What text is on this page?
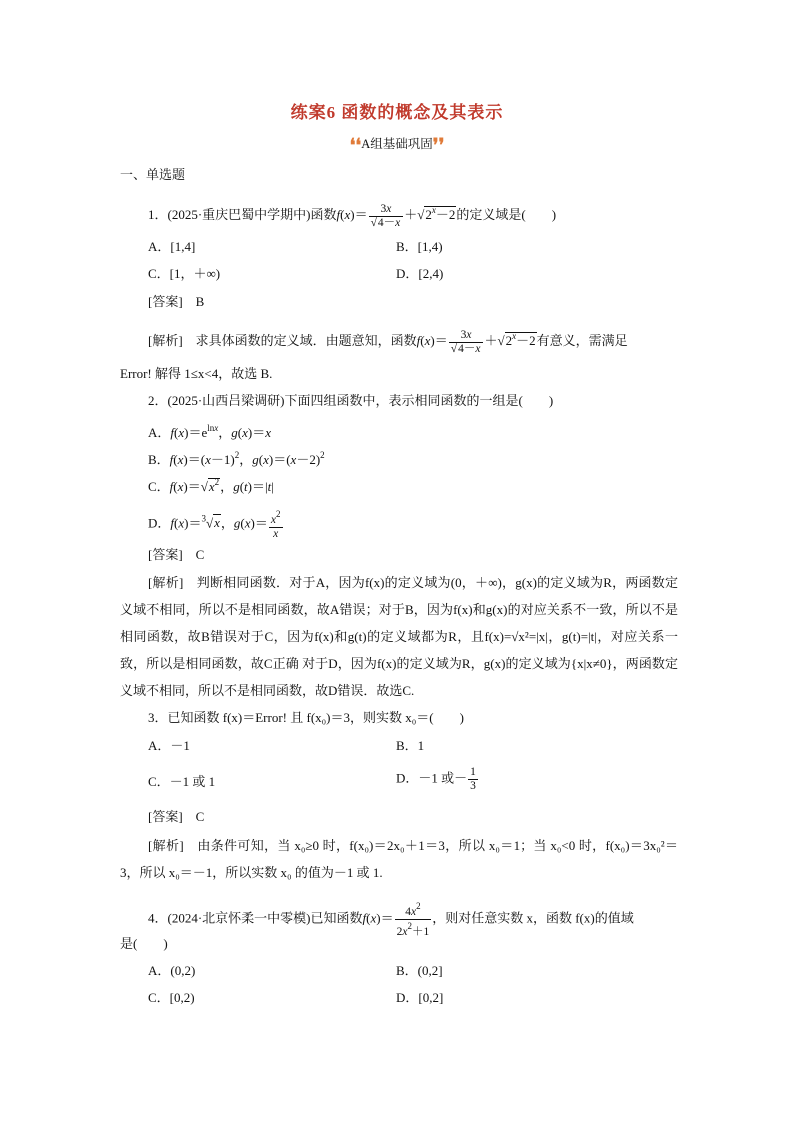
练案6 函数的概念及其表示
❛❛A组基础巩固❜❜
一、单选题
1．(2025·重庆巴蜀中学期中)函数$f(x)= \frac{3x}{√4-x} +√2^x-2$的定义域是(　　)
A．[1,4]	B．[1,4)
C．[1，＋∞)	D．[2,4)
[答案]　B
[解析]　求具体函数的定义域．由题意知，函数$f(x)= \frac{3x}{√4-x} +√2^x-2$有意义，需满足
Error! 解得 1≤x<4，故选 B.
2．(2025·山西吕梁调研)下面四组函数中，表示相同函数的一组是(　　)
A．$f(x)=e^{lnx}$，g(x)＝x
B．$f(x)=(x-1)^2$，$g(x)=(x-2)^2$
C．$f(x)=√x^2$，g(t)＝|t|
D．f(x)＝$^3$√x，$g(x)= \frac{x^2}{x}$
[答案]　C
[解析]　判断相同函数．对于A，因为f(x)的定义域为(0，＋∞)，g(x)的定义域为R，两函数定义域不相同，所以不是相同函数，故A错误；对于B，因为f(x)和g(x)的对应关系不一致，所以不是相同函数，故B错误对于C，因为f(x)和g(t)的定义域都为R，且f(x)=√x²=|x|，g(t)=|t|，对应关系一致，所以是相同函数，故C正确 对于D，因为f(x)的定义域为R，g(x)的定义域为{x|x≠0}，两函数定义域不相同，所以不是相同函数，故D错误．故选C.
3．已知函数 f(x)＝Error! 且 f(x₀)＝3，则实数 x₀＝(　　)
A．－1	B．1
C．－1 或 1	D．－1 或－ $\frac{1}{3}$
[答案]　C
[解析]　由条件可知，当 x₀≥0 时，f(x₀)＝2x₀＋1＝3，所以 x₀＝1；当 x₀<0 时，f(x₀)＝3x₀²＝3，所以 x₀＝－1，所以实数 x₀ 的值为－1 或 1.
4．(2024·北京怀柔一中零模)已知函数$f(x)= \frac{4x^2}{2x^2+1}$ ，则对任意实数 x，函数 f(x)的值域
是(　　)
A．(0,2)	B．(0,2]
C．[0,2)	D．[0,2]
